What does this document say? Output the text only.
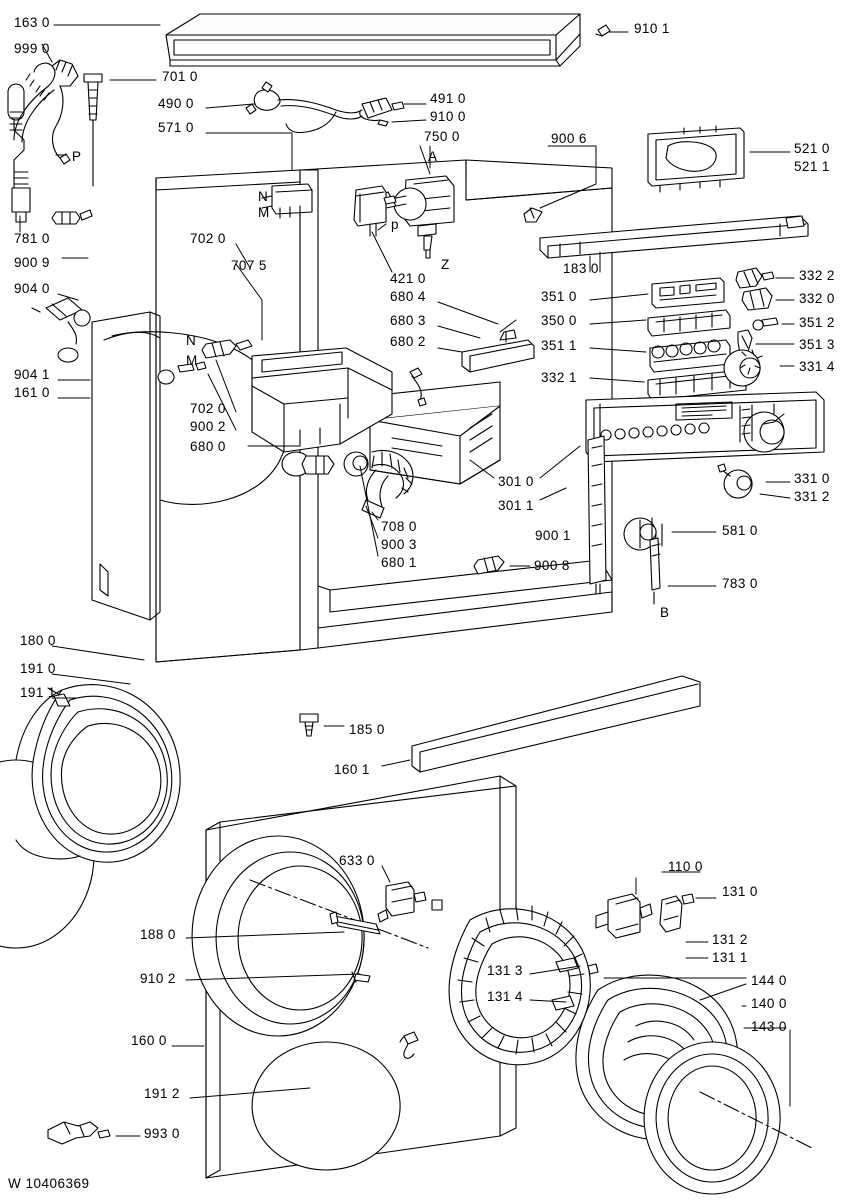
W 10406369
163 0
999 0
910 1
701 0
490 0	491 0
910 0
571 0
750 0	900 6
521 0
521 1
P	A
N
M
p
781 0
900 9
702 0
421 0
Z	183 0	332 2
707 5
904 0
680 4	351 0	332 0
680 3	350 0	351 2
680 2	351 1	351 3
N
M
332 1
331 4
904 1
161 0
702 0
900 2
680 0
331 0
331 2
301 0
301 1
581 0
708 0
900 3
680 1
900 1
900 8
783 0
B
180 0
191 0
191 1
185 0
160 1
633 0	110 0
131 0
188 0	131 2
131 1
910 2
131 3
144 0
131 4	140 0
143 0
160 0
191 2
993 0
